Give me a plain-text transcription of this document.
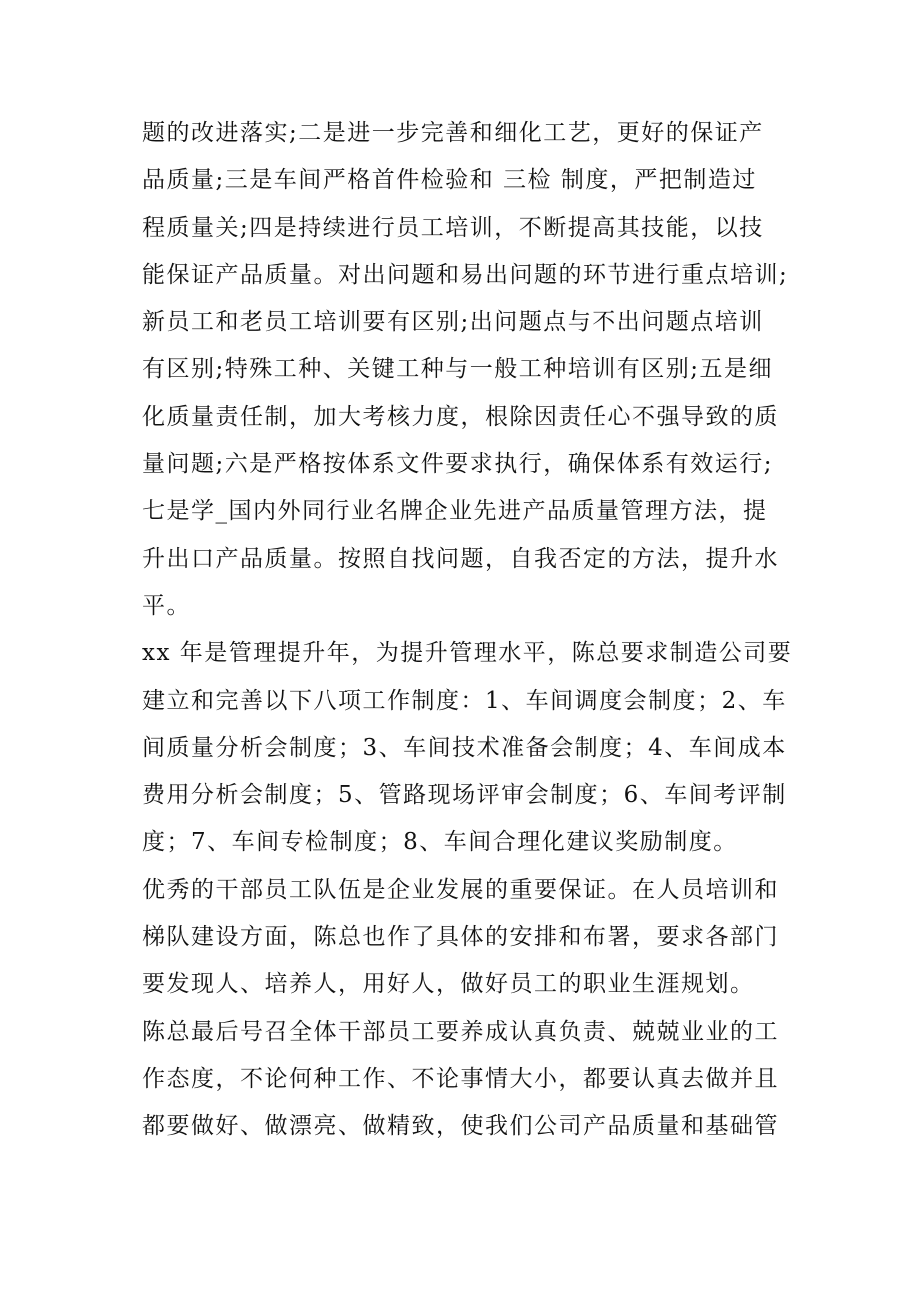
题的改进落实;二是进一步完善和细化工艺，更好的保证产
品质量;三是车间严格首件检验和 三检 制度，严把制造过
程质量关;四是持续进行员工培训，不断提高其技能，以技
能保证产品质量。对出问题和易出问题的环节进行重点培训;
新员工和老员工培训要有区别;出问题点与不出问题点培训
有区别;特殊工种、关键工种与一般工种培训有区别;五是细
化质量责任制，加大考核力度，根除因责任心不强导致的质
量问题;六是严格按体系文件要求执行，确保体系有效运行;
七是学_国内外同行业名牌企业先进产品质量管理方法，提
升出口产品质量。按照自找问题，自我否定的方法，提升水
平。
xx 年是管理提升年，为提升管理水平，陈总要求制造公司要
建立和完善以下八项工作制度：1、车间调度会制度；2、车
间质量分析会制度；3、车间技术准备会制度；4、车间成本
费用分析会制度；5、管路现场评审会制度；6、车间考评制
度；7、车间专检制度；8、车间合理化建议奖励制度。
优秀的干部员工队伍是企业发展的重要保证。在人员培训和
梯队建设方面，陈总也作了具体的安排和布署，要求各部门
要发现人、培养人，用好人，做好员工的职业生涯规划。
陈总最后号召全体干部员工要养成认真负责、兢兢业业的工
作态度，不论何种工作、不论事情大小，都要认真去做并且
都要做好、做漂亮、做精致，使我们公司产品质量和基础管
